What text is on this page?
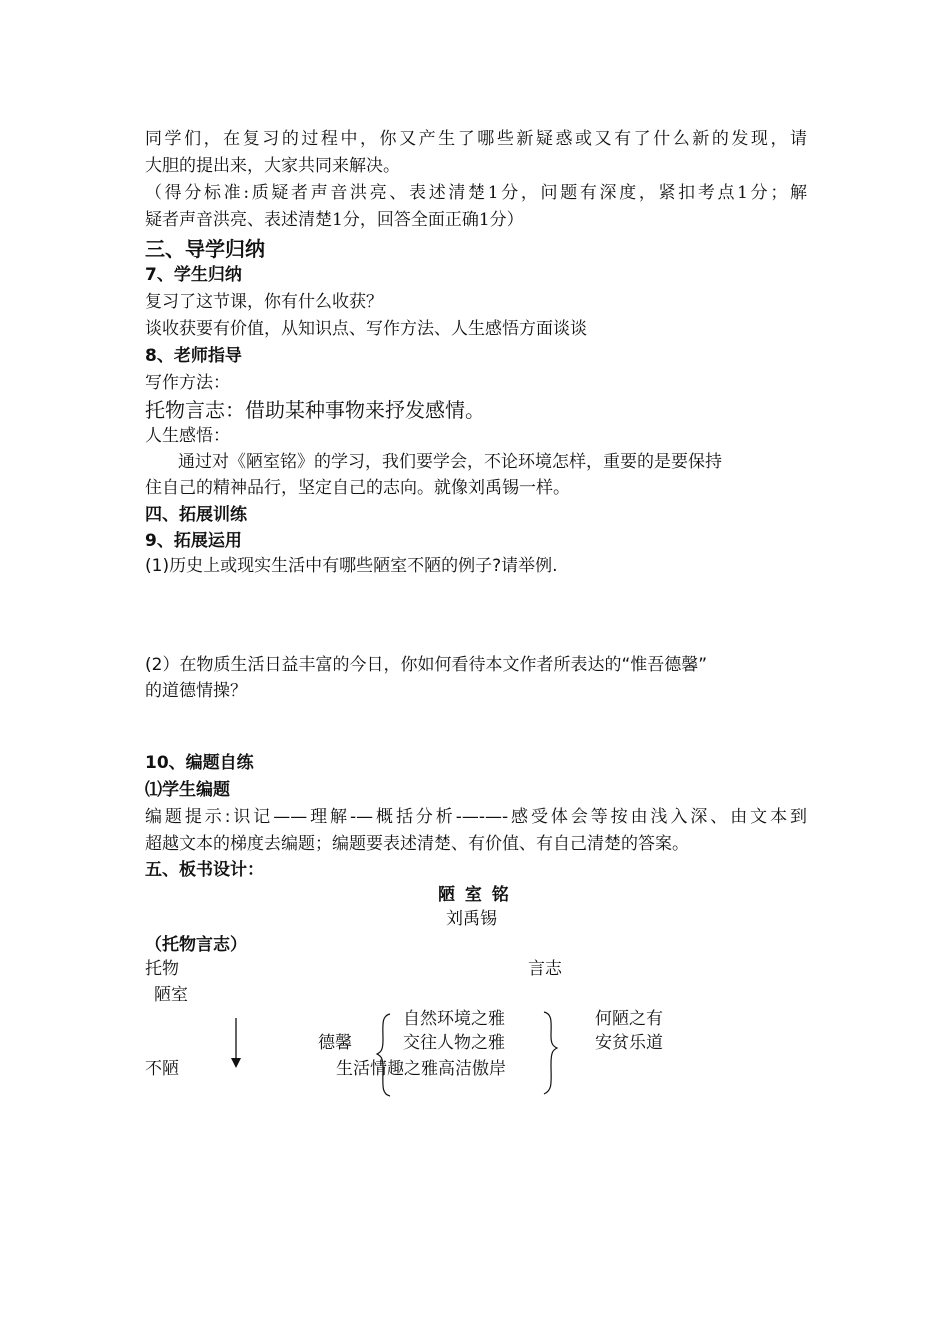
同学们，在复习的过程中，你又产生了哪些新疑惑或又有了什么新的发现，请
大胆的提出来，大家共同来解决。
（得分标准:质疑者声音洪亮、表述清楚1分，问题有深度，紧扣考点1分；解
疑者声音洪亮、表述清楚1分，回答全面正确1分）
三、导学归纳
7、学生归纳
复习了这节课，你有什么收获？
谈收获要有价值，从知识点、写作方法、人生感悟方面谈谈
8、老师指导
写作方法：
托物言志：借助某种事物来抒发感情。
人生感悟：
通过对《陋室铭》的学习，我们要学会，不论环境怎样，重要的是要保持
住自己的精神品行，坚定自己的志向。就像刘禹锡一样。
四、拓展训练
9、拓展运用
(1)历史上或现实生活中有哪些陋室不陋的例子?请举例.
(2）在物质生活日益丰富的今日，你如何看待本文作者所表达的“惟吾德馨”
的道德情操？
10、编题自练
⑴学生编题
编题提示:识记——理解-—概括分析-—-—-感受体会等按由浅入深、由文本到
超越文本的梯度去编题；编题要表述清楚、有价值、有自己清楚的答案。
五、板书设计：
陋 室 铭
刘禹锡
（托物言志）
托物	言志
陋室
德馨
不陋
自然环境之雅
交往人物之雅
生活情趣之雅高洁傲岸
何陋之有
安贫乐道
